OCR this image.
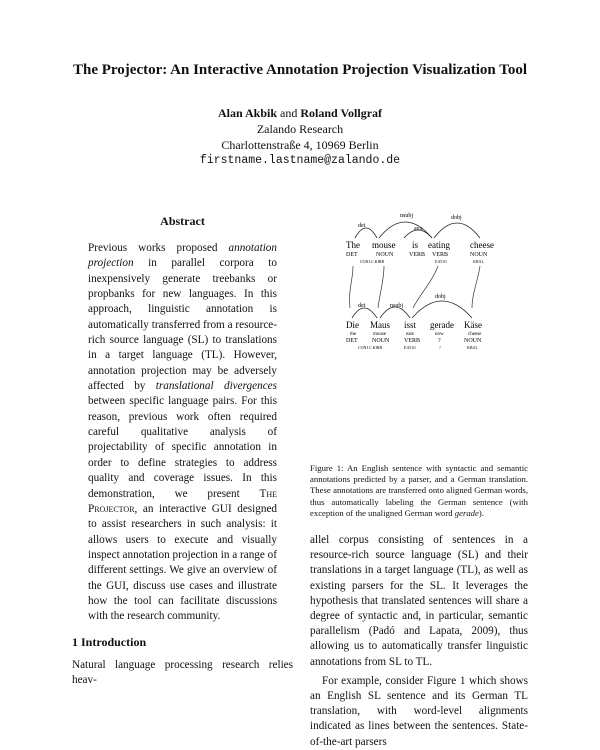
The Projector: An Interactive Annotation Projection Visualization Tool
Alan Akbik and Roland Vollgraf
Zalando Research
Charlottenstraße 4, 10969 Berlin
firstname.lastname@zalando.de
Abstract
Previous works proposed annotation projection in parallel corpora to inexpensively generate treebanks or propbanks for new languages. In this approach, linguistic annotation is automatically transferred from a resource-rich source language (SL) to translations in a target language (TL). However, annotation projection may be adversely affected by translational divergences between specific language pairs. For this reason, previous work often required careful qualitative analysis of projectability of specific annotation in order to define strategies to address quality and coverage issues. In this demonstration, we present The Projector, an interactive GUI designed to assist researchers in such analysis: it allows users to execute and visually inspect annotation projection in a range of different settings. We give an overview of the GUI, discuss use cases and illustrate how the tool can facilitate discussions with the research community.
1 Introduction
Natural language processing research relies heav-
det
nsubj
aux
dobj
The mouse is eating cheese
DET	NOUN	VERB VERB	NOUN
CONJ.C.KIRR	EAT.01	KBAL
det	nsubj
dobj
Die Maus isst gerade Käse
the	mouse	eats	now	cheese
DET NOUN VERB	?	NOUN
CONJ.C.KIRR	EAT.01	?	KBAL
Figure 1: An English sentence with syntactic and semantic annotations predicted by a parser, and a German translation. These annotations are transferred onto aligned German words, thus automatically labeling the German sentence (with exception of the unaligned German word gerade).

allel corpus consisting of sentences in a resource-rich source language (SL) and their translations in a target language (TL), as well as existing parsers for the SL. It leverages the hypothesis that translated sentences will share a degree of syntactic and, in particular, semantic parallelism (Padó and Lapata, 2009), thus allowing us to automatically transfer linguistic annotations from SL to TL.

For example, consider Figure 1 which shows an English SL sentence and its German TL translation, with word-level alignments indicated as lines between the sentences. State-of-the-art parsers
